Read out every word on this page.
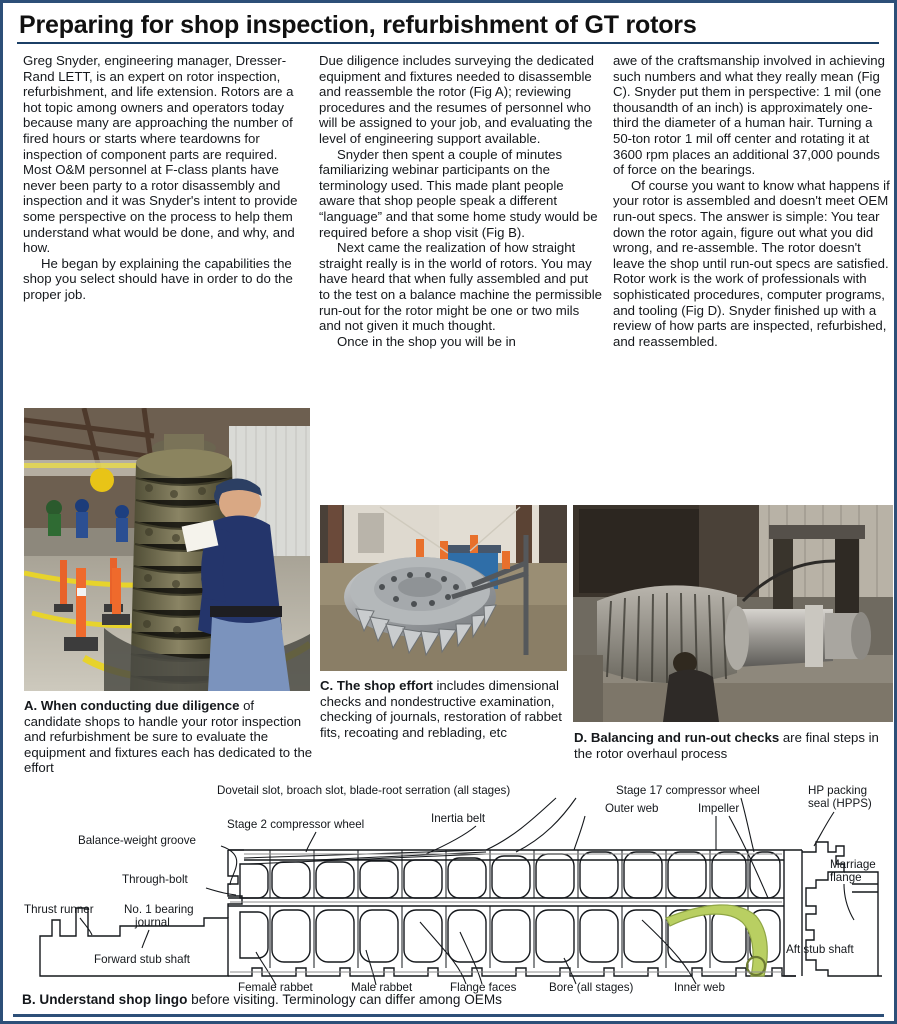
Preparing for shop inspection, refurbishment of GT rotors

Greg Snyder, engineering manager, Dresser-Rand LETT, is an expert on rotor inspection, refurbishment, and life extension. Rotors are a hot topic among owners and operators today because many are approaching the number of fired hours or starts where teardowns for inspection of component parts are required. Most O&M personnel at F-class plants have never been party to a rotor disassembly and inspection and it was Snyder's intent to provide some perspective on the process to help them understand what would be done, and why, and how.

He began by explaining the capabilities the shop you select should have in order to do the proper job.

Due diligence includes surveying the dedicated equipment and fixtures needed to disassemble and reassemble the rotor (Fig A); reviewing procedures and the resumes of personnel who will be assigned to your job, and evaluating the level of engineering support available.

Snyder then spent a couple of minutes familiarizing webinar participants on the terminology used. This made plant people aware that shop people speak a different “language” and that some home study would be required before a shop visit (Fig B).

Next came the realization of how straight straight really is in the world of rotors. You may have heard that when fully assembled and put to the test on a balance machine the permissible run-out for the rotor might be one or two mils and not given it much thought.

Once in the shop you will be in

awe of the craftsmanship involved in achieving such numbers and what they really mean (Fig C). Snyder put them in perspective: 1 mil (one thousandth of an inch) is approximately one-third the diameter of a human hair. Turning a 50-ton rotor 1 mil off center and rotating it at 3600 rpm places an additional 37,000 pounds of force on the bearings.

Of course you want to know what happens if your rotor is assembled and doesn't meet OEM run-out specs. The answer is simple: You tear down the rotor again, figure out what you did wrong, and re-assemble. The rotor doesn't leave the shop until run-out specs are satisfied. Rotor work is the work of professionals with sophisticated procedures, computer programs, and tooling (Fig D). Snyder finished up with a review of how parts are inspected, refurbished, and reassembled.

A. When conducting due diligence of candidate shops to handle your rotor inspection and refurbishment be sure to evaluate the equipment and fixtures each has dedicated to the effort
C. The shop effort includes dimensional checks and nondestructive examination, checking of journals, restoration of rabbet fits, recoating and reblading, etc	D. Balancing and run-out checks are final steps in the rotor overhaul process
Dovetail slot, broach slot, blade-root serration (all stages)	Stage 17 compressor wheel	HP packing
seal (HPPS)
Stage 2 compressor wheel	Inertia belt
Outer web	Impeller
Balance-weight groove
Through-bolt
Thrust runner	No. 1 bearing
journal
Forward stub shaft
Marriage
flange
Aft stub shaft
Female rabbet	Male rabbet	Flange faces	Bore (all stages)	Inner web
B. Understand shop lingo before visiting. Terminology can differ among OEMs
